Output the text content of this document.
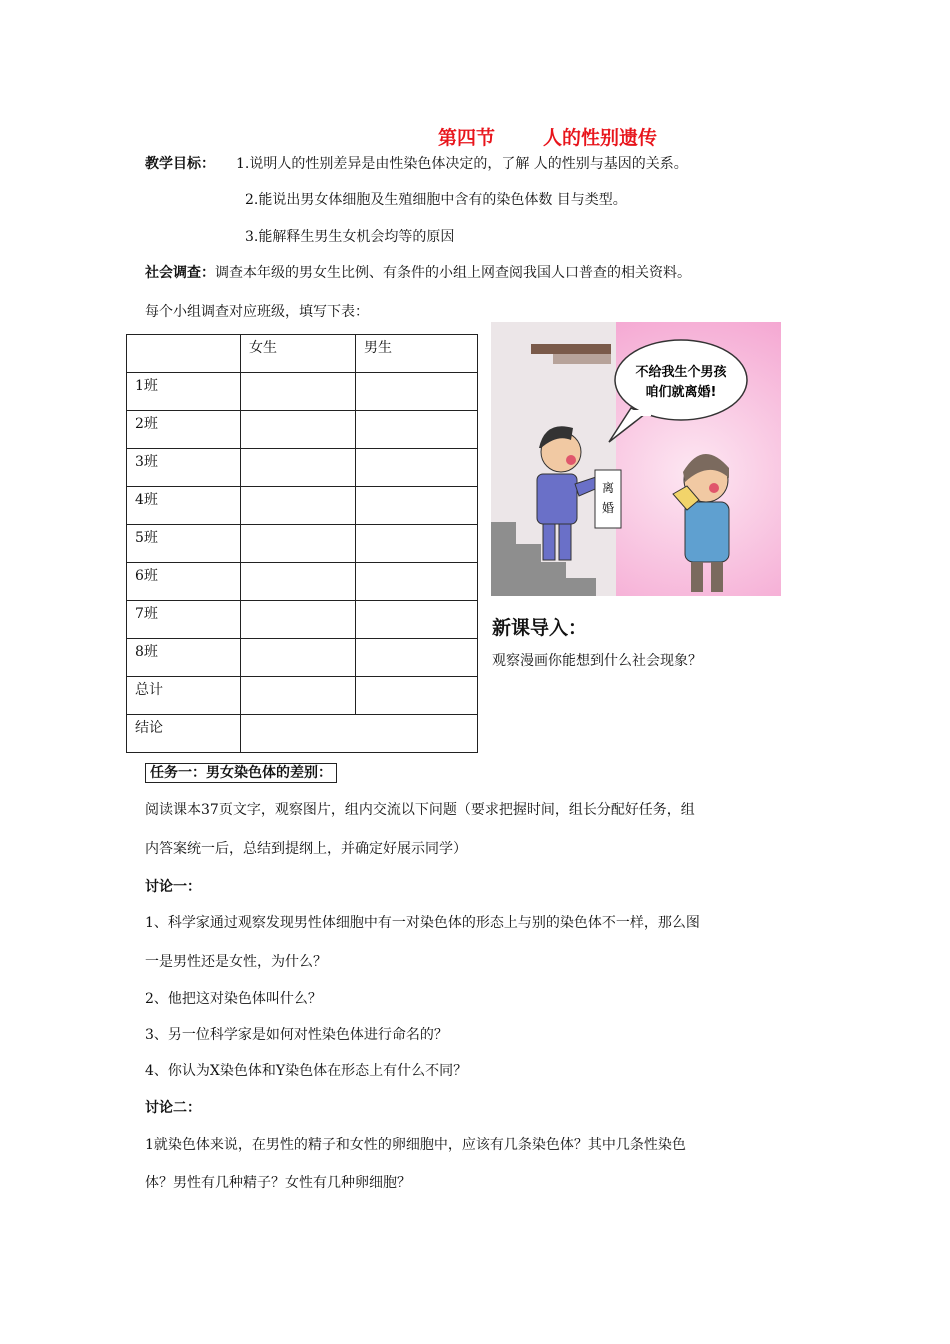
第四节	人的性别遗传
教学目标： 1.说明人的性别差异是由性染色体决定的，了解 人的性别与基因的关系。
2.能说出男女体细胞及生殖细胞中含有的染色体数 目与类型。
3.能解释生男生女机会均等的原因
社会调查：调查本年级的男女生比例、有条件的小组上网查阅我国人口普查的相关资料。
每个小组调查对应班级，填写下表：
	女生	男生
1班		
2班		
3班		
4班		
5班		
6班		
7班		
8班		
总计		
结论		
离
婚
不给我生个男孩
咱们就离婚!
新课导入：
观察漫画你能想到什么社会现象？
任务一：男女染色体的差别：
阅读课本37页文字，观察图片，组内交流以下问题（要求把握时间，组长分配好任务，组
内答案统一后，总结到提纲上，并确定好展示同学）
讨论一：
1、科学家通过观察发现男性体细胞中有一对染色体的形态上与别的染色体不一样，那么图
一是男性还是女性，为什么？
2、他把这对染色体叫什么？
3、另一位科学家是如何对性染色体进行命名的？
4、你认为X染色体和Y染色体在形态上有什么不同？
讨论二：
1就染色体来说，在男性的精子和女性的卵细胞中，应该有几条染色体？其中几条性染色
体？男性有几种精子？女性有几种卵细胞？
